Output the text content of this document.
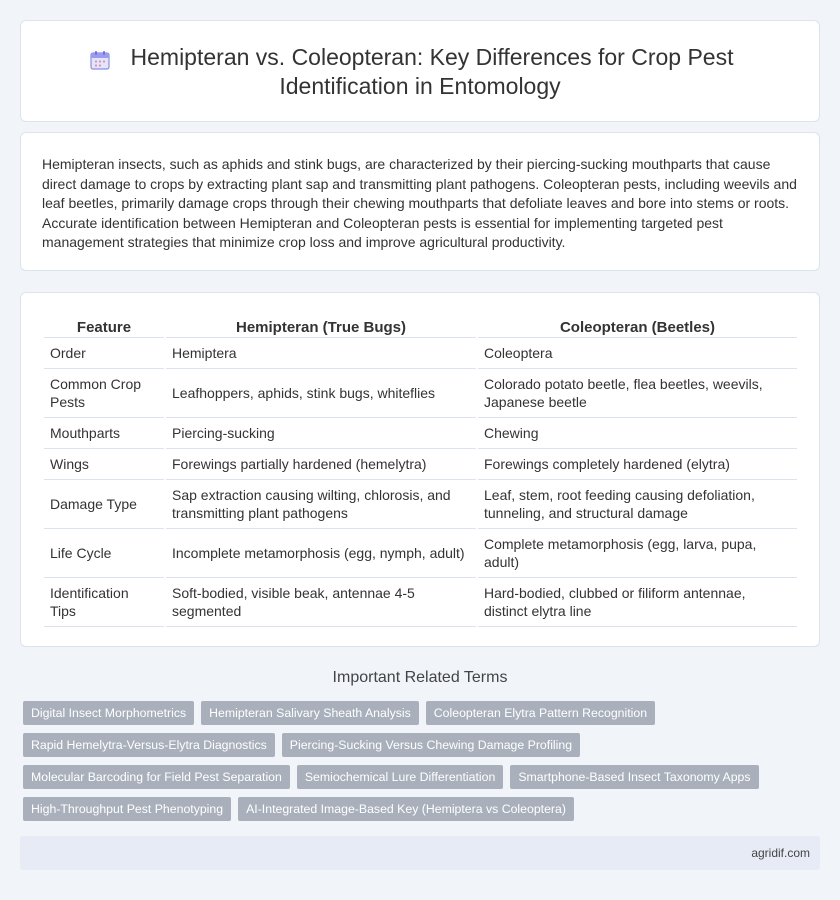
Hemipteran vs. Coleopteran: Key Differences for Crop Pest
Identification in Entomology

Hemipteran insects, such as aphids and stink bugs, are characterized by their piercing-sucking mouthparts that cause direct damage to crops by extracting plant sap and transmitting plant pathogens. Coleopteran pests, including weevils and leaf beetles, primarily damage crops through their chewing mouthparts that defoliate leaves and bore into stems or roots. Accurate identification between Hemipteran and Coleopteran pests is essential for implementing targeted pest management strategies that minimize crop loss and improve agricultural productivity.

Feature	Hemipteran (True Bugs)	Coleopteran (Beetles)
Order	Hemiptera	Coleoptera
Common Crop Pests	Leafhoppers, aphids, stink bugs, whiteflies	Colorado potato beetle, flea beetles, weevils, Japanese beetle
Mouthparts	Piercing-sucking	Chewing
Wings	Forewings partially hardened (hemelytra)	Forewings completely hardened (elytra)
Damage Type	Sap extraction causing wilting, chlorosis, and transmitting plant pathogens	Leaf, stem, root feeding causing defoliation, tunneling, and structural damage
Life Cycle	Incomplete metamorphosis (egg, nymph, adult)	Complete metamorphosis (egg, larva, pupa, adult)
Identification Tips	Soft-bodied, visible beak, antennae 4-5 segmented	Hard-bodied, clubbed or filiform antennae, distinct elytra line
Important Related Terms
Digital Insect Morphometrics	Hemipteran Salivary Sheath Analysis	Coleopteran Elytra Pattern Recognition
Rapid Hemelytra-Versus-Elytra Diagnostics	Piercing-Sucking Versus Chewing Damage Profiling
Molecular Barcoding for Field Pest Separation	Semiochemical Lure Differentiation	Smartphone-Based Insect Taxonomy Apps
High-Throughput Pest Phenotyping	AI-Integrated Image-Based Key (Hemiptera vs Coleoptera)
agridif.com
